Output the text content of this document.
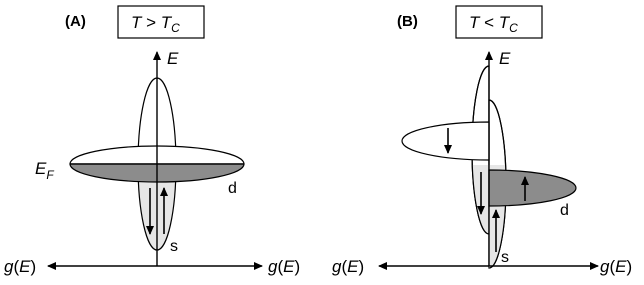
(A)	$T > T_C$
E
g(E)	g(E)
$E_F$
d
s
(B)	$T < T_C$
E
g(E)	g(E)
d
s
